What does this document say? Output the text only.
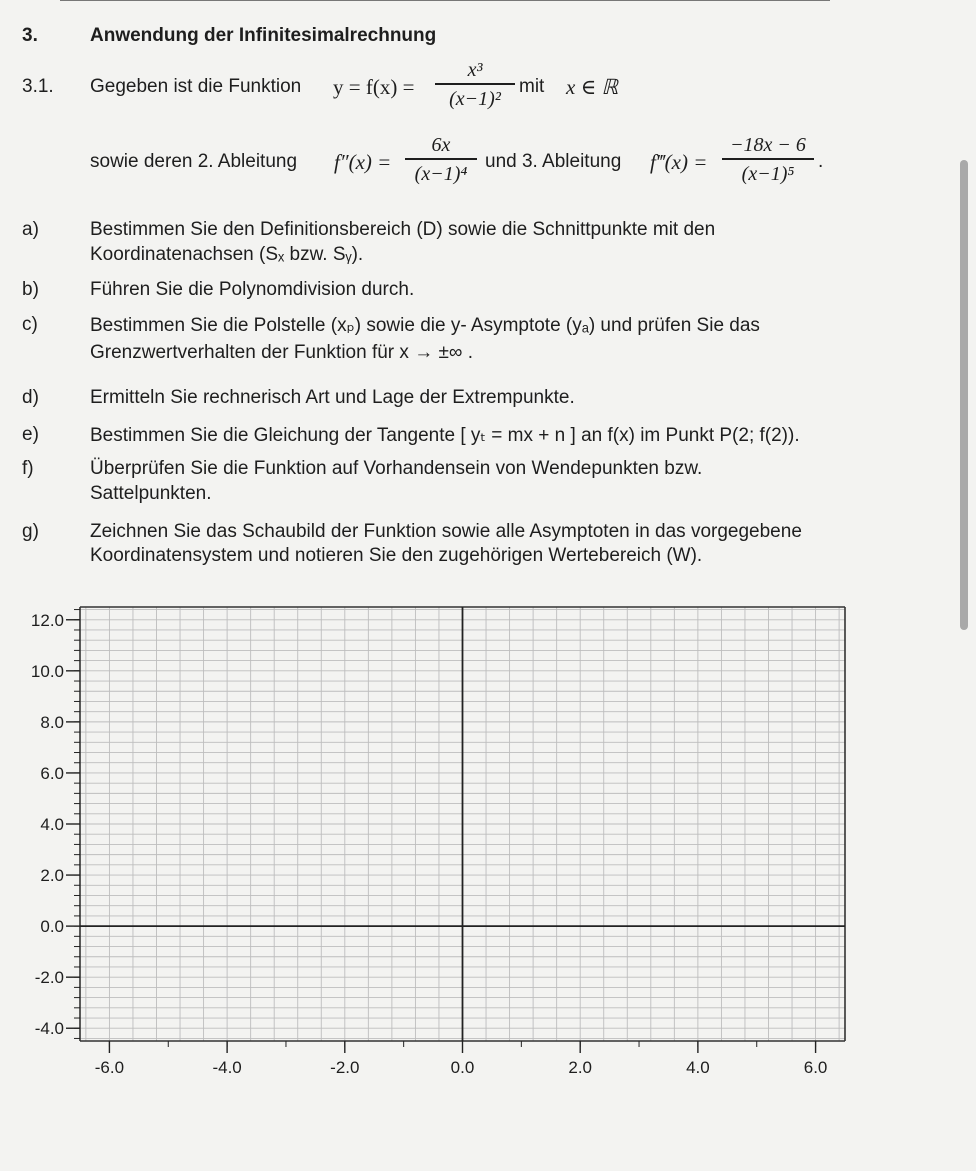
3.	Anwendung der Infinitesimalrechnung
3.1. Gegeben ist die Funktion y = f(x) =
x³
(x−1)²
mit x ∈ ℝ
sowie deren 2. Ableitung f″(x) =
6x
(x−1)⁴
und 3. Ableitung f‴(x) =
−18x − 6
(x−1)⁵
.
a)	Bestimmen Sie den Definitionsbereich (D) sowie die Schnittpunkte mit den
Koordinatenachsen (Sₓ bzw. Sᵧ).
b)	Führen Sie die Polynomdivision durch.
c)	Bestimmen Sie die Polstelle (xₚ) sowie die y- Asymptote (yₐ) und prüfen Sie das
Grenzwertverhalten der Funktion für x → ±∞ .
d)	Ermitteln Sie rechnerisch Art und Lage der Extrempunkte.
e)	Bestimmen Sie die Gleichung der Tangente [ yₜ = mx + n ] an f(x) im Punkt P(2; f(2)).
f)	Überprüfen Sie die Funktion auf Vorhandensein von Wendepunkten bzw.
Sattelpunkten.
g)	Zeichnen Sie das Schaubild der Funktion sowie alle Asymptoten in das vorgegebene
Koordinatensystem und notieren Sie den zugehörigen Wertebereich (W).
12.0
10.0
8.0
6.0
4.0
2.0
0.0
-2.0
-4.0
-6.0	-4.0	-2.0	0.0	2.0	4.0	6.0
